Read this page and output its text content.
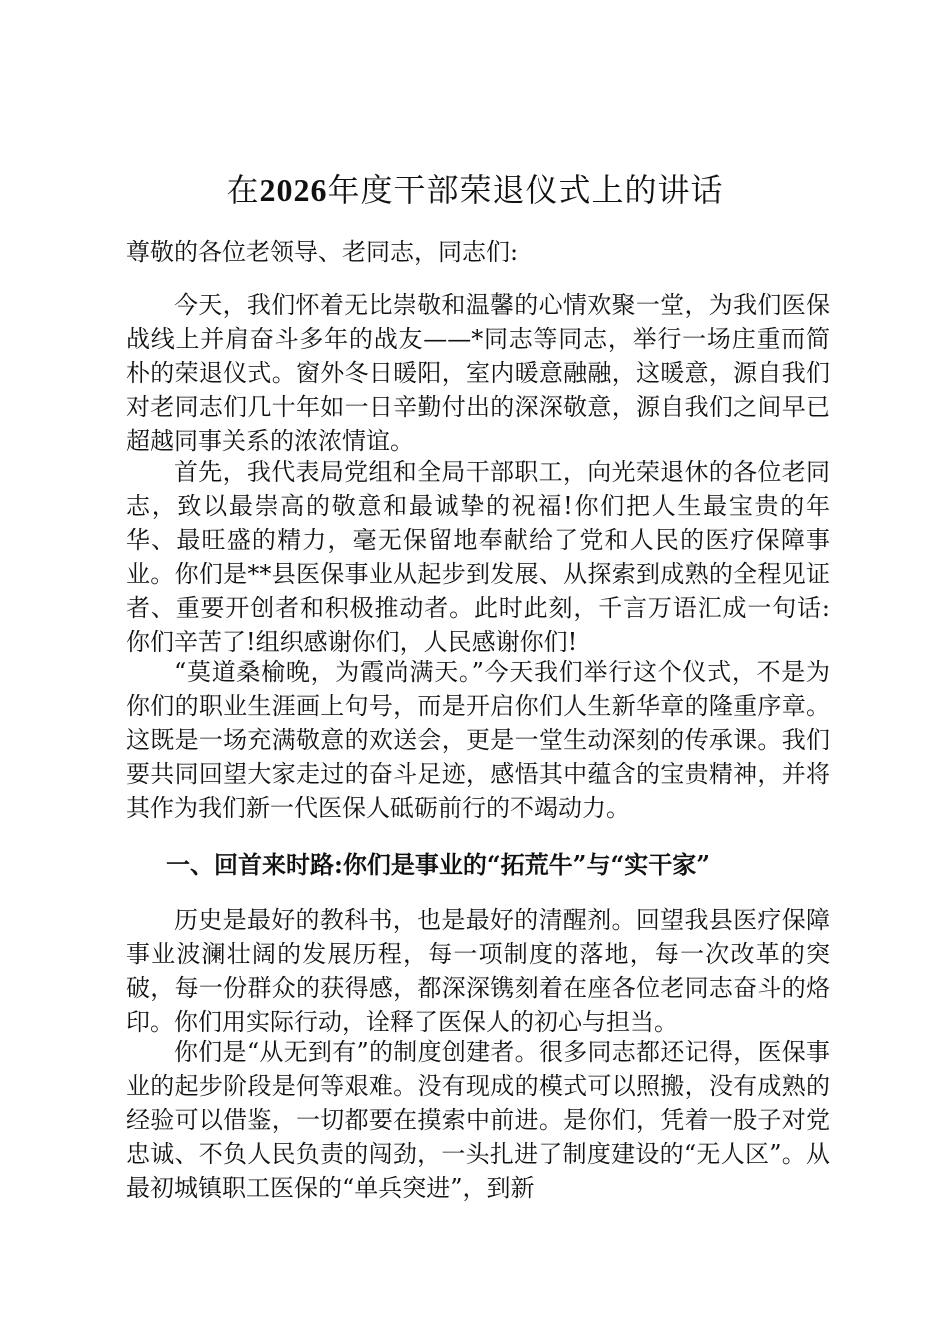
在2026年度干部荣退仪式上的讲话

尊敬的各位老领导、老同志，同志们:

今天，我们怀着无比崇敬和温馨的心情欢聚一堂，为我们医保战线上并肩奋斗多年的战友——*同志等同志，举行一场庄重而简朴的荣退仪式。窗外冬日暖阳，室内暖意融融，这暖意，源自我们对老同志们几十年如一日辛勤付出的深深敬意，源自我们之间早已超越同事关系的浓浓情谊。

首先，我代表局党组和全局干部职工，向光荣退休的各位老同志，致以最崇高的敬意和最诚挚的祝福!你们把人生最宝贵的年华、最旺盛的精力，毫无保留地奉献给了党和人民的医疗保障事业。你们是**县医保事业从起步到发展、从探索到成熟的全程见证者、重要开创者和积极推动者。此时此刻，千言万语汇成一句话:你们辛苦了!组织感谢你们，人民感谢你们!

“莫道桑榆晚，为霞尚满天。”今天我们举行这个仪式，不是为你们的职业生涯画上句号，而是开启你们人生新华章的隆重序章。这既是一场充满敬意的欢送会，更是一堂生动深刻的传承课。我们要共同回望大家走过的奋斗足迹，感悟其中蕴含的宝贵精神，并将其作为我们新一代医保人砥砺前行的不竭动力。

一、回首来时路:你们是事业的“拓荒牛”与“实干家”

历史是最好的教科书，也是最好的清醒剂。回望我县医疗保障事业波澜壮阔的发展历程，每一项制度的落地，每一次改革的突破，每一份群众的获得感，都深深镌刻着在座各位老同志奋斗的烙印。你们用实际行动，诠释了医保人的初心与担当。

你们是“从无到有”的制度创建者。很多同志都还记得，医保事业的起步阶段是何等艰难。没有现成的模式可以照搬，没有成熟的经验可以借鉴，一切都要在摸索中前进。是你们，凭着一股子对党忠诚、不负人民负责的闯劲，一头扎进了制度建设的“无人区”。从最初城镇职工医保的“单兵突进”，到新
